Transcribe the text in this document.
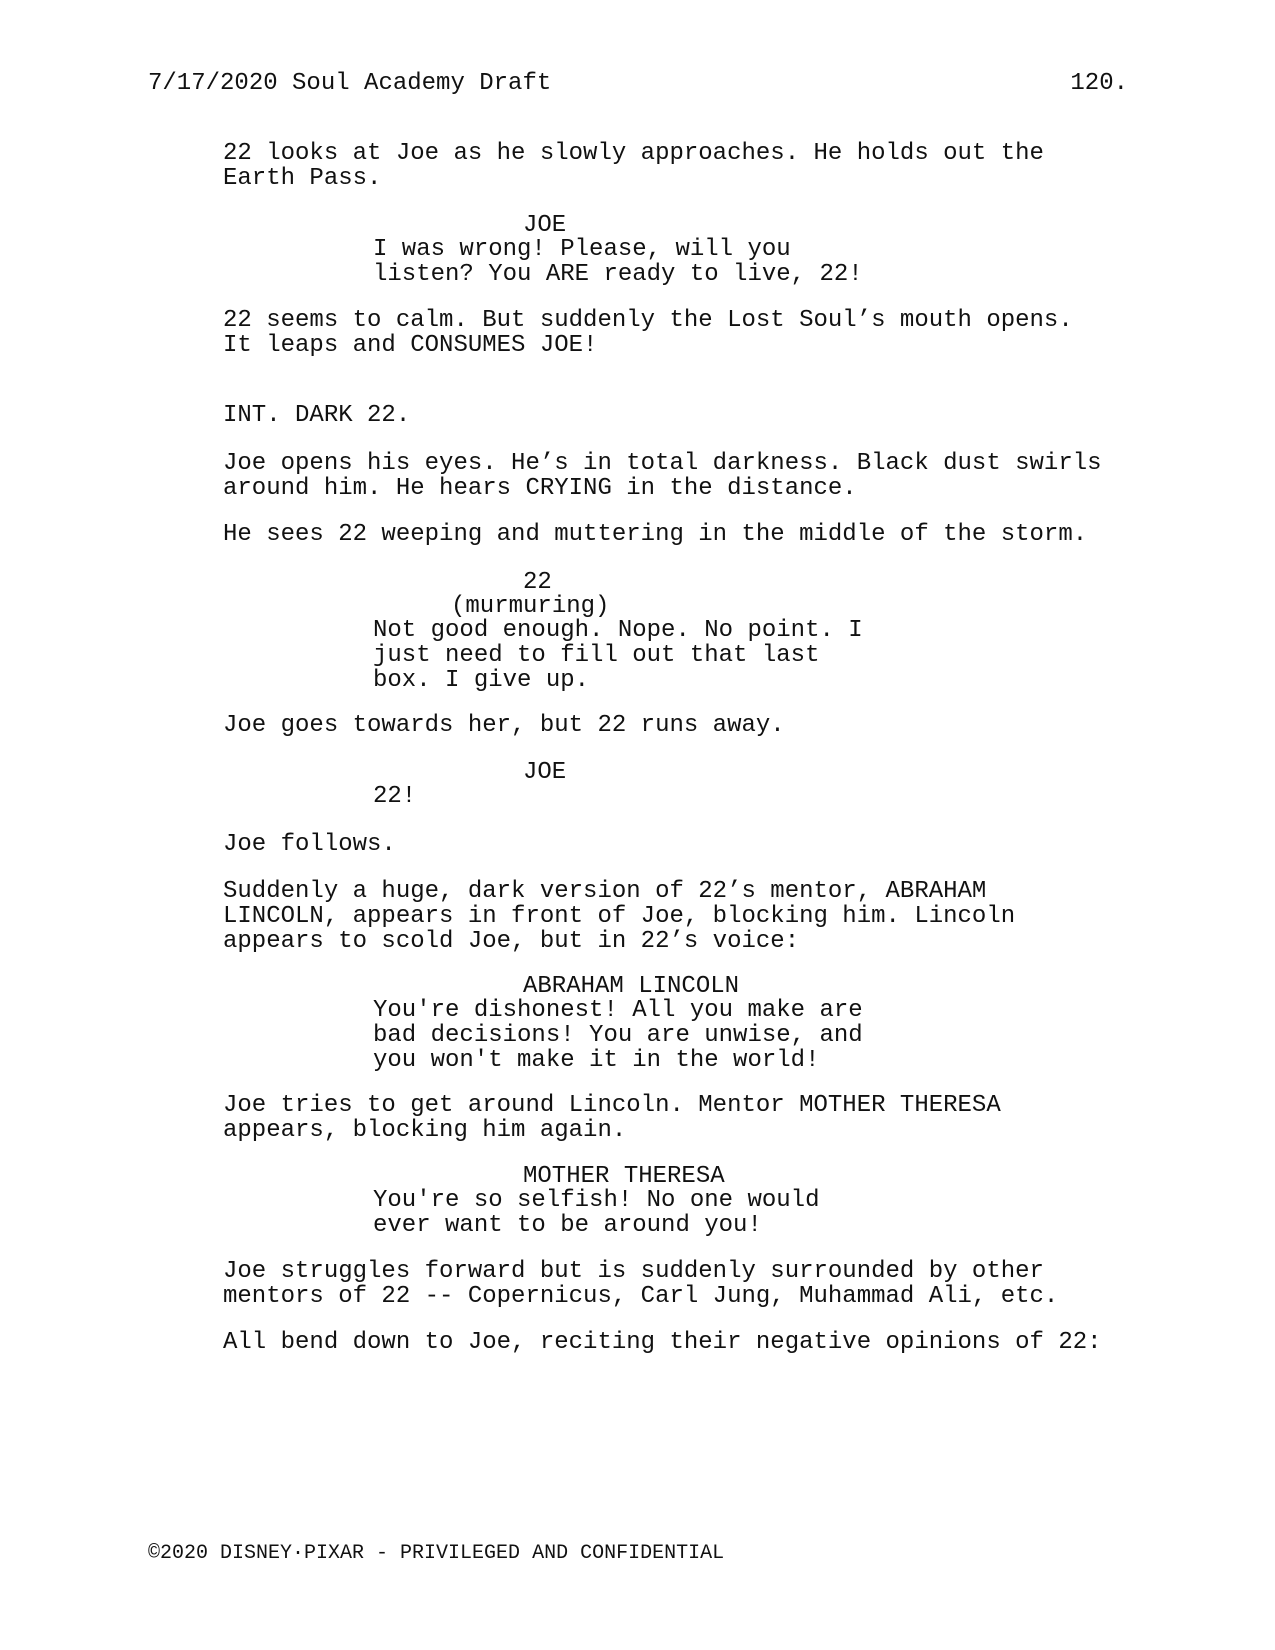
7/17/2020 Soul Academy Draft	120.
22 looks at Joe as he slowly approaches. He holds out the
Earth Pass.
JOE
I was wrong! Please, will you
listen? You ARE ready to live, 22!
22 seems to calm. But suddenly the Lost Soul’s mouth opens.
It leaps and CONSUMES JOE!
INT. DARK 22.
Joe opens his eyes. He’s in total darkness. Black dust swirls
around him. He hears CRYING in the distance.
He sees 22 weeping and muttering in the middle of the storm.
22
(murmuring)
Not good enough. Nope. No point. I
just need to fill out that last
box. I give up.
Joe goes towards her, but 22 runs away.
JOE
22!
Joe follows.
Suddenly a huge, dark version of 22’s mentor, ABRAHAM
LINCOLN, appears in front of Joe, blocking him. Lincoln
appears to scold Joe, but in 22’s voice:
ABRAHAM LINCOLN
You're dishonest! All you make are
bad decisions! You are unwise, and
you won't make it in the world!
Joe tries to get around Lincoln. Mentor MOTHER THERESA
appears, blocking him again.
MOTHER THERESA
You're so selfish! No one would
ever want to be around you!
Joe struggles forward but is suddenly surrounded by other
mentors of 22 -- Copernicus, Carl Jung, Muhammad Ali, etc.
All bend down to Joe, reciting their negative opinions of 22:
©2020 DISNEY·PIXAR - PRIVILEGED AND CONFIDENTIAL
